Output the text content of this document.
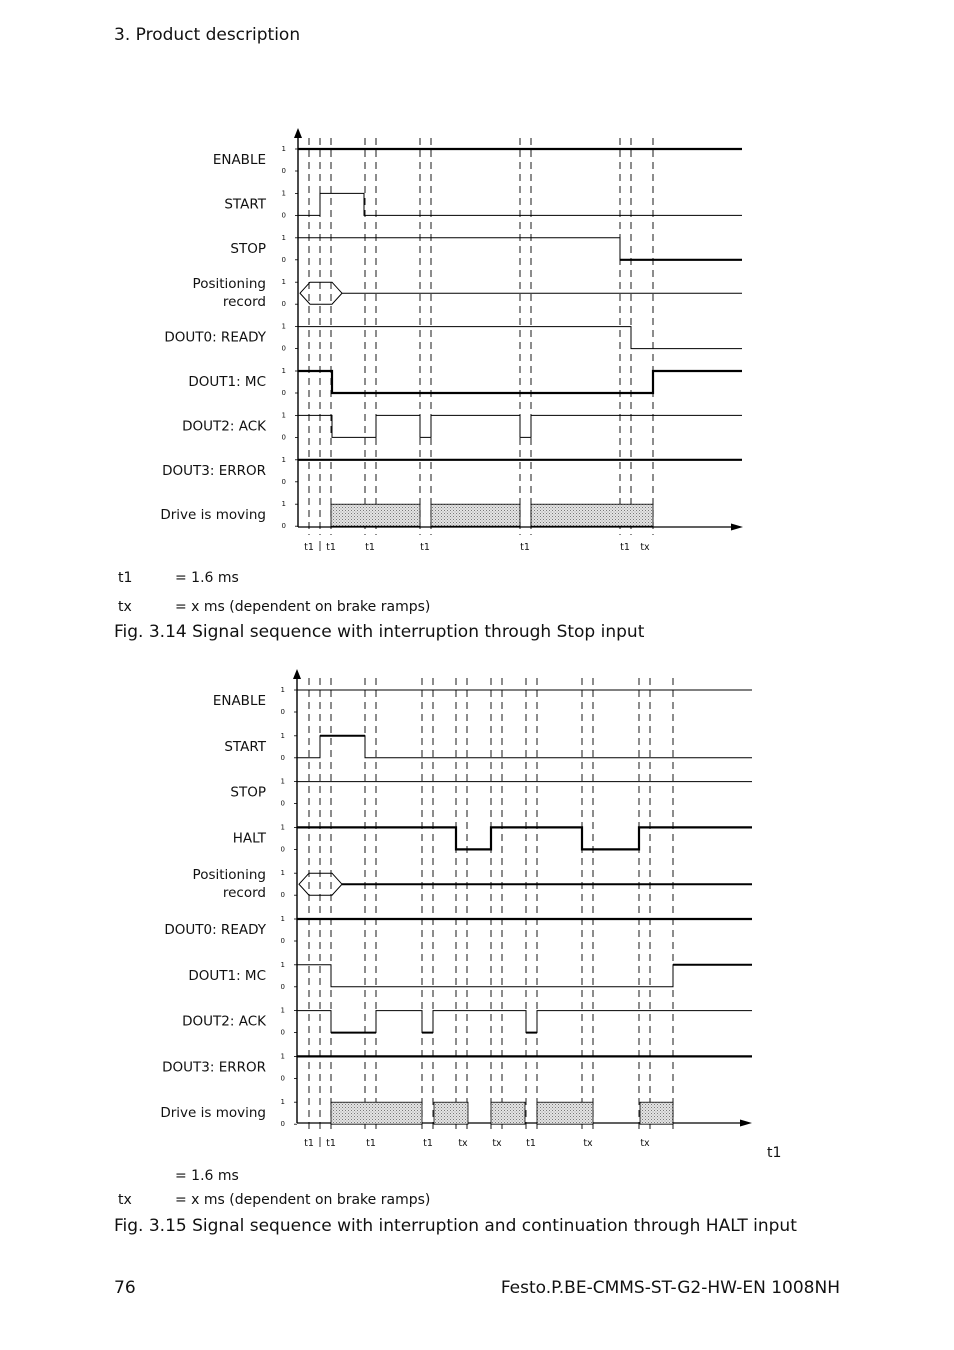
3. Product description
ENABLE
1
0
START
1
0
STOP
1
0
Positioning
record
1
0
DOUT0: READY
1
0
DOUT1: MC
1
0
DOUT2: ACK
1
0
DOUT3: ERROR
1
0
Drive is moving
1
0
t1 t1	t1	t1	t1	t1 tx
ENABLE
1
0
START
1
0
STOP
1
0
HALT
1
0
Positioning
record
1
0
DOUT0: READY
1
0
DOUT1: MC
1
0
DOUT2: ACK
1
0
DOUT3: ERROR
1
0
Drive is moving
1
0
t1 t1	t1	t1	tx	tx	t1	tx	tx
t1	= 1.6 ms
tx	= x ms (dependent on brake ramps)
Fig. 3.14 Signal sequence with interruption through Stop input
t1
= 1.6 ms
tx	= x ms (dependent on brake ramps)
Fig. 3.15 Signal sequence with interruption and continuation through HALT input
76	Festo.P.BE-CMMS-ST-G2-HW-EN 1008NH
